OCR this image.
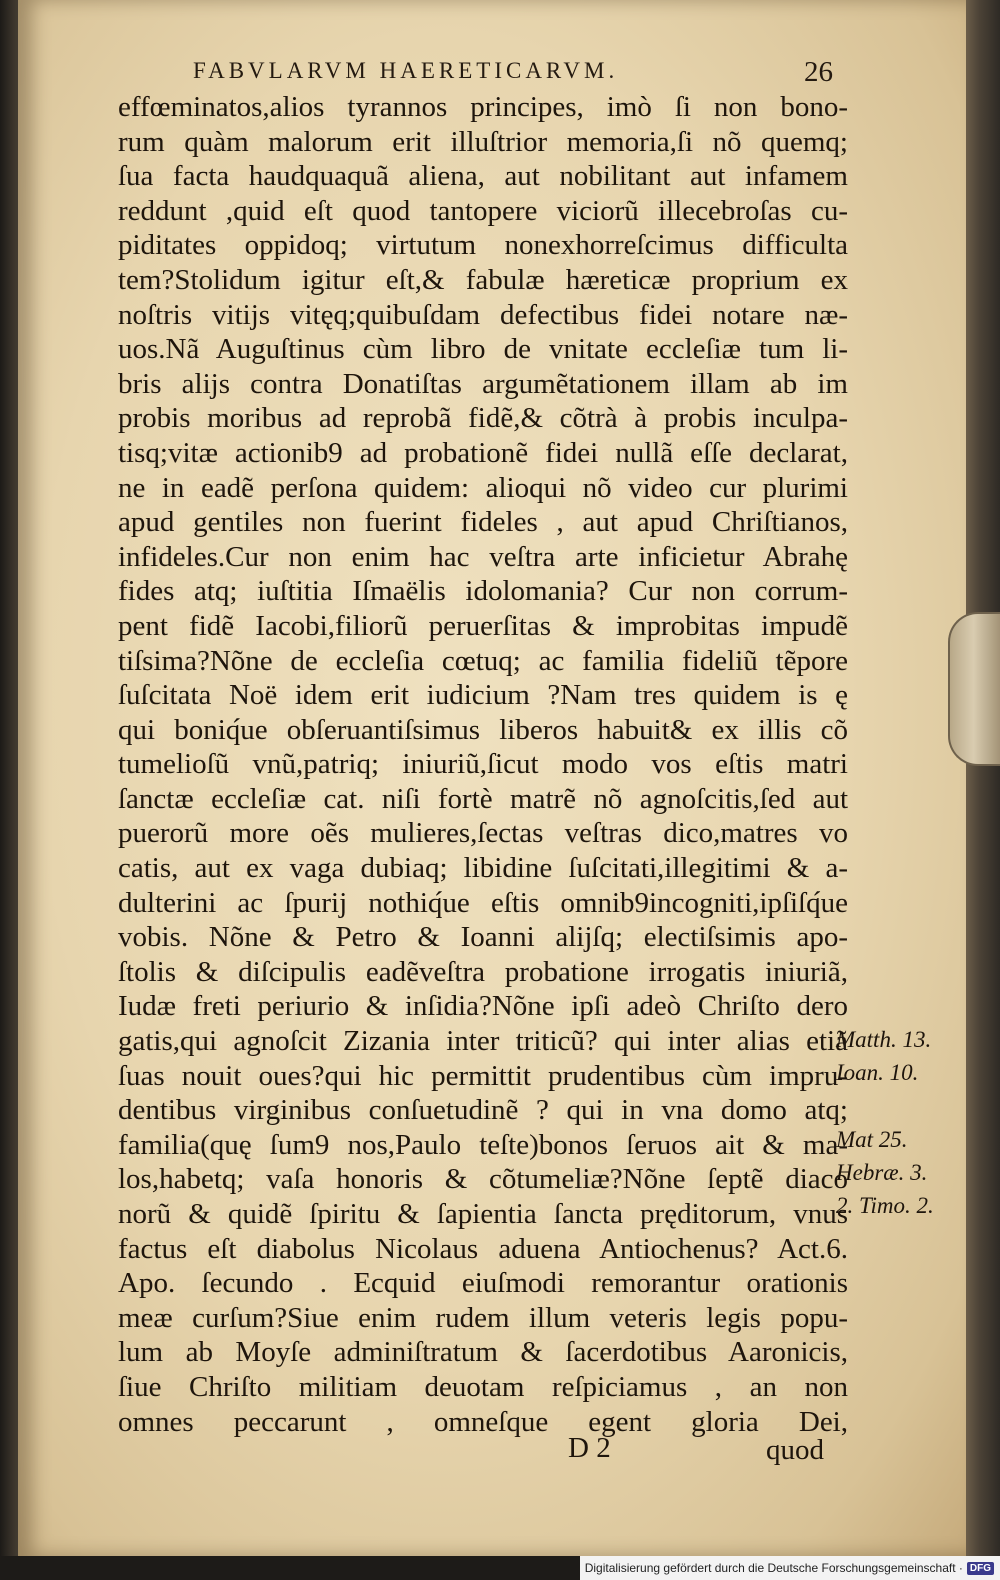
FABVLARVM HAERETICARVM.	26
effœminatos,alios tyrannos principes, imò ſi non bono-
rum quàm malorum erit illuſtrior memoria,ſi nõ quemq;
ſua facta haudquaquã aliena, aut nobilitant aut infamem
reddunt ,quid eſt quod tantopere viciorũ illecebroſas cu-
piditates oppidoq; virtutum nonexhorreſcimus difficulta
tem?Stolidum igitur eſt,& fabulæ hæreticæ proprium ex
noſtris vitijs vitęq;quibuſdam defectibus fidei notare næ-
uos.Nã Auguſtinus cùm libro de vnitate eccleſiæ tum li-
bris alijs contra Donatiſtas argumẽtationem illam ab im
probis moribus ad reprobã fidẽ,& cõtrà à probis inculpa-
tisq;vitæ actionib9 ad probationẽ fidei nullã eſſe declarat,
ne in eadẽ perſona quidem: alioqui nõ video cur plurimi
apud gentiles non fuerint fideles , aut apud Chriſtianos,
infideles.Cur non enim hac veſtra arte inficietur Abrahę
fides atq; iuſtitia Iſmaëlis idolomania? Cur non corrum-
pent fidẽ Iacobi,filiorũ peruerſitas & improbitas impudẽ
tiſsima?Nõne de eccleſia cœtuq; ac familia fideliũ tẽpore
ſuſcitata Noë idem erit iudicium ?Nam tres quidem is ę
qui boniq́ue obſeruantiſsimus liberos habuit& ex illis cõ
tumelioſũ vnũ,patriq; iniuriũ,ſicut modo vos eſtis matri
ſanctæ eccleſiæ cat. niſi fortè matrẽ nõ agnoſcitis,ſed aut
puerorũ more oẽs mulieres,ſectas veſtras dico,matres vo
catis, aut ex vaga dubiaq; libidine ſuſcitati,illegitimi & a-
dulterini ac ſpurij nothiq́ue eſtis omnib9incogniti,ipſiſq́ue
vobis. Nõne & Petro & Ioanni alijſq; electiſsimis apo-
ſtolis & diſcipulis eadẽveſtra probatione irrogatis iniuriã,
Iudæ freti periurio & inſidia?Nõne ipſi adeò Chriſto dero
gatis,qui agnoſcit Zizania inter triticũ? qui inter alias etiã
ſuas nouit oues?qui hic permittit prudentibus cùm impru-
dentibus virginibus conſuetudinẽ ? qui in vna domo atq;
familia(quę ſum9 nos,Paulo teſte)bonos ſeruos ait & ma-
los,habetq; vaſa honoris & cõtumeliæ?Nõne ſeptẽ diaco
norũ & quidẽ ſpiritu & ſapientia ſancta pręditorum, vnus
factus eſt diabolus Nicolaus aduena Antiochenus? Act.6.
Apo. ſecundo . Ecquid eiuſmodi remorantur orationis
meæ curſum?Siue enim rudem illum veteris legis popu-
lum ab Moyſe adminiſtratum & ſacerdotibus Aaronicis,
ſiue Chriſto militiam deuotam reſpiciamus , an non
omnes peccarunt , omneſque egent gloria Dei,
Matth. 13.
Ioan. 10.
Mat 25.
Hebræ. 3.
2. Timo. 2.
D 2	quod
Digitalisierung gefördert durch die Deutsche Forschungsgemeinschaft · DFG
